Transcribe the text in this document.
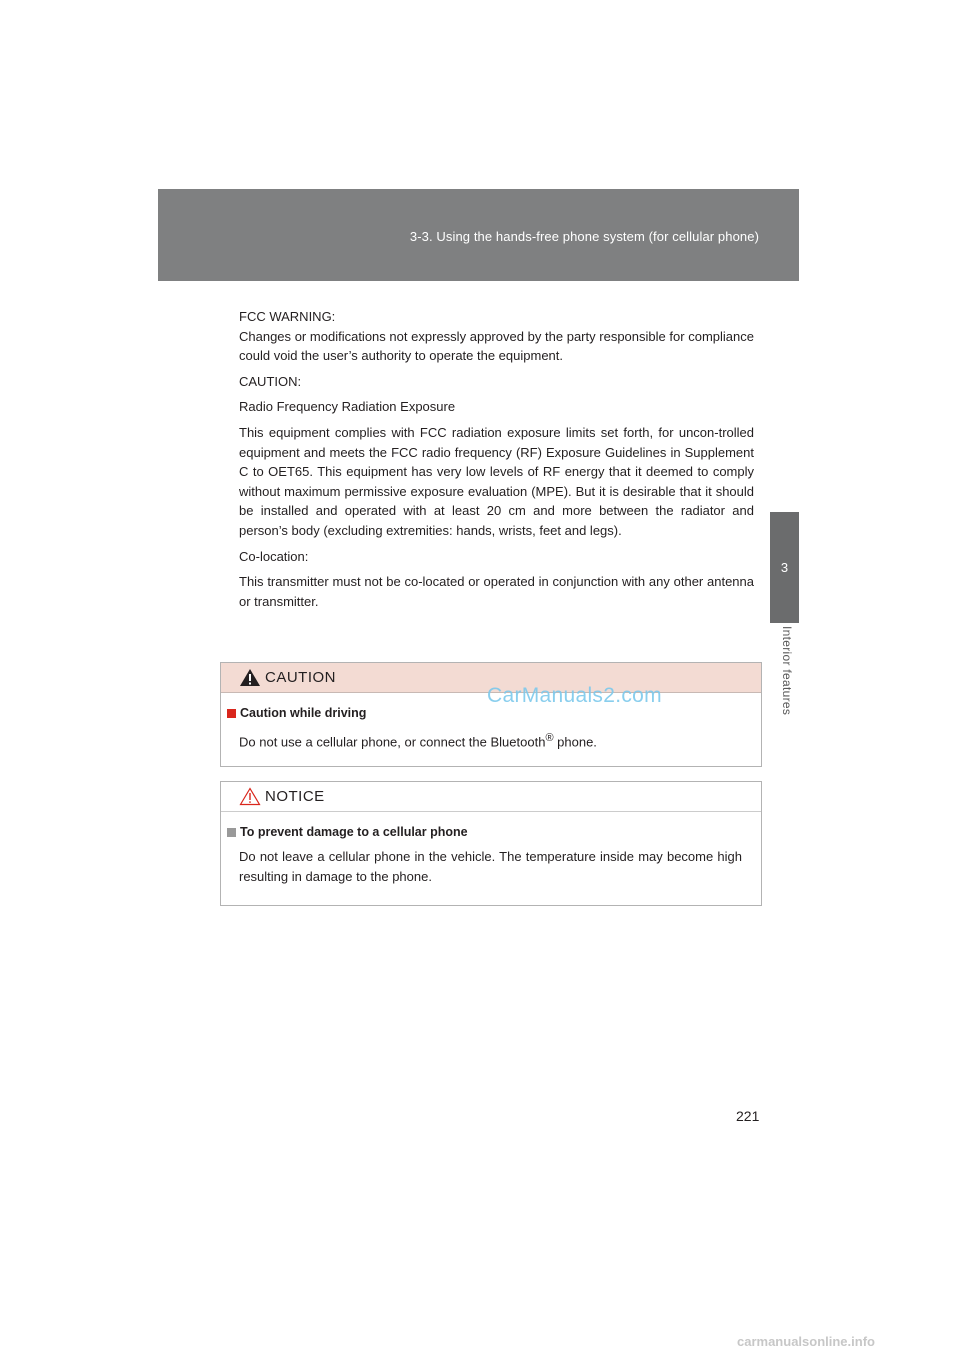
3-3. Using the hands-free phone system (for cellular phone)
3
Interior features

FCC WARNING:

Changes or modifications not expressly approved by the party responsible for compliance could void the user’s authority to operate the equipment.

CAUTION:

Radio Frequency Radiation Exposure

This equipment complies with FCC radiation exposure limits set forth, for uncon-trolled equipment and meets the FCC radio frequency (RF) Exposure Guidelines in Supplement C to OET65. This equipment has very low levels of RF energy that it deemed to comply without maximum permissive exposure evaluation (MPE). But it is desirable that it should be installed and operated with at least 20 cm and more between the radiator and person’s body (excluding extremities: hands, wrists, feet and legs).

Co-location:

This transmitter must not be co-located or operated in conjunction with any other antenna or transmitter.

CAUTION
Caution while driving
Do not use a cellular phone, or connect the Bluetooth® phone.
NOTICE
To prevent damage to a cellular phone
Do not leave a cellular phone in the vehicle. The temperature inside may become high resulting in damage to the phone.
CarManuals2.com
221
carmanualsonline.info
